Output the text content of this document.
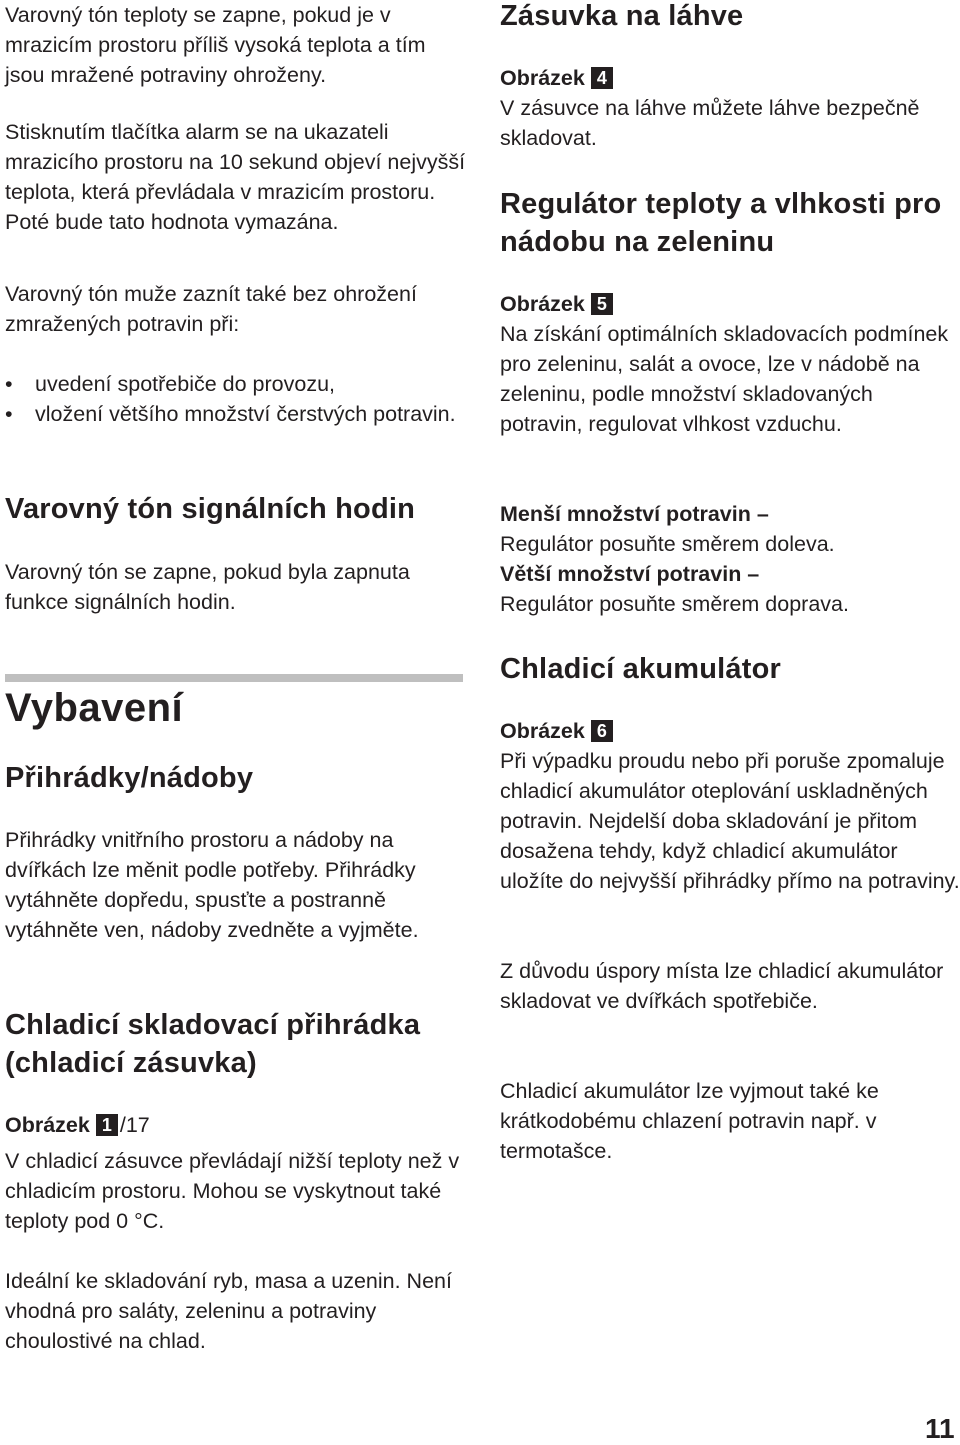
Varovný tón teploty se zapne, pokud je v mrazicím prostoru příliš vysoká teplota a tím jsou mražené potraviny ohroženy.

Stisknutím tlačítka alarm se na ukazateli mrazicího prostoru na 10 sekund objeví nejvyšší teplota, která převládala v mrazicím prostoru. Poté bude tato hodnota vymazána.

Varovný tón muže zaznít také bez ohrožení zmražených potravin při:

• uvedení spotřebiče do provozu,
• vložení většího množství čerstvých potravin.
Varovný tón signálních hodin

Varovný tón se zapne, pokud byla zapnuta funkce signálních hodin.

Vybavení
Přihrádky/nádoby

Přihrádky vnitřního prostoru a nádoby na dvířkách lze měnit podle potřeby. Přihrádky vytáhněte dopředu, spusťte a postranně vytáhněte ven, nádoby zvedněte a vyjměte.

Chladicí skladovací přihrádka (chladicí zásuvka)
Obrázek 1 /17

V chladicí zásuvce převládají nižší teploty než v chladicím prostoru. Mohou se vyskytnout také teploty pod 0 °C.

Ideální ke skladování ryb, masa a uzenin. Není vhodná pro saláty, zeleninu a potraviny choulostivé na chlad.

Zásuvka na láhve
Obrázek 4

V zásuvce na láhve můžete láhve bezpečně skladovat.

Regulátor teploty a vlhkosti pro nádobu na zeleninu
Obrázek 5

Na získání optimálních skladovacích podmínek pro zeleninu, salát a ovoce, lze v nádobě na zeleninu, podle množství skladovaných potravin, regulovat vlhkost vzduchu.

Menší množství potravin –

Regulátor posuňte směrem doleva.

Větší množství potravin –

Regulátor posuňte směrem doprava.

Chladicí akumulátor
Obrázek 6

Při výpadku proudu nebo při poruše zpomaluje chladicí akumulátor oteplování uskladněných potravin. Nejdelší doba skladování je přitom dosažena tehdy, když chladicí akumulátor uložíte do nejvyšší přihrádky přímo na potraviny.

Z důvodu úspory místa lze chladicí akumulátor skladovat ve dvířkách spotřebiče.

Chladicí akumulátor lze vyjmout také ke krátkodobému chlazení potravin např. v termotašce.

11
